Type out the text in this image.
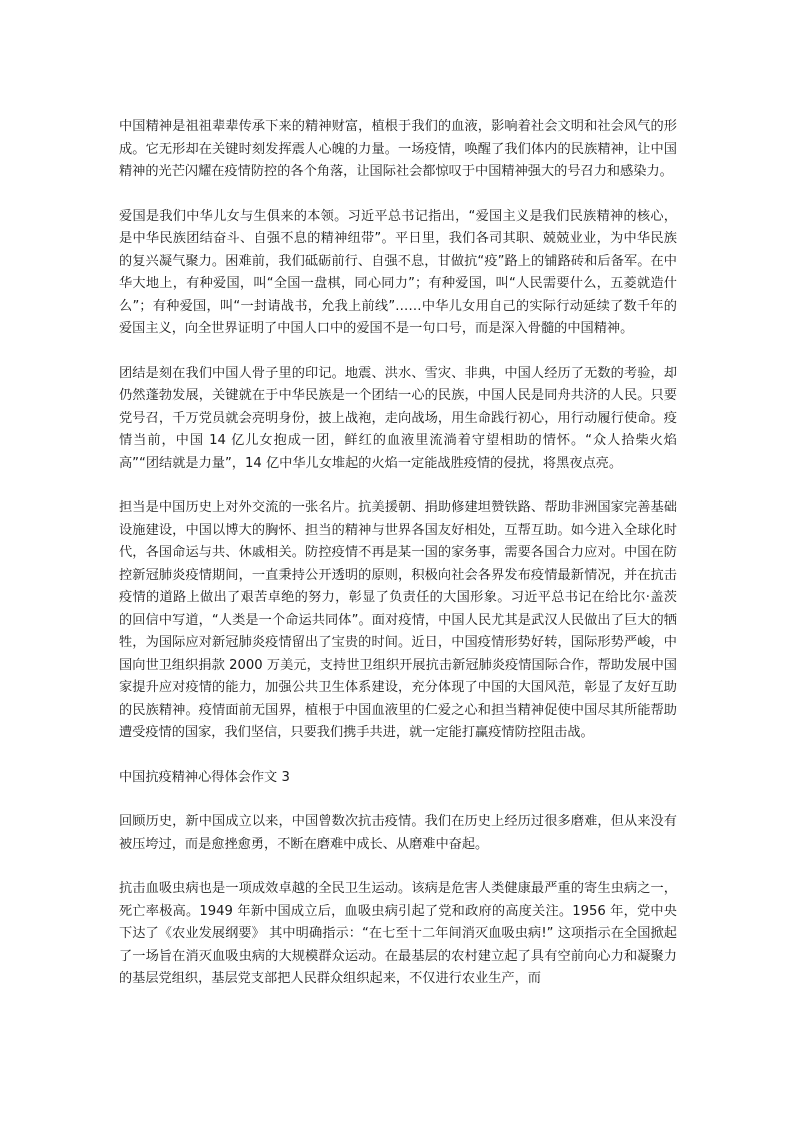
中国精神是祖祖辈辈传承下来的精神财富，植根于我们的血液，影响着社会文明和社会风气的形成。它无形却在关键时刻发挥震人心魄的力量。一场疫情，唤醒了我们体内的民族精神，让中国精神的光芒闪耀在疫情防控的各个角落，让国际社会都惊叹于中国精神强大的号召力和感染力。

爱国是我们中华儿女与生俱来的本领。习近平总书记指出，“爱国主义是我们民族精神的核心，是中华民族团结奋斗、自强不息的精神纽带”。平日里，我们各司其职、兢兢业业，为中华民族的复兴凝气聚力。困难前，我们砥砺前行、自强不息，甘做抗“疫”路上的铺路砖和后备军。在中华大地上，有种爱国，叫“全国一盘棋，同心同力”；有种爱国，叫“人民需要什么，五菱就造什么”；有种爱国，叫“一封请战书，允我上前线”……中华儿女用自己的实际行动延续了数千年的爱国主义，向全世界证明了中国人口中的爱国不是一句口号，而是深入骨髓的中国精神。

团结是刻在我们中国人骨子里的印记。地震、洪水、雪灾、非典，中国人经历了无数的考验，却仍然蓬勃发展，关键就在于中华民族是一个团结一心的民族，中国人民是同舟共济的人民。只要党号召，千万党员就会亮明身份，披上战袍，走向战场，用生命践行初心，用行动履行使命。疫情当前，中国 14 亿儿女抱成一团，鲜红的血液里流淌着守望相助的情怀。“众人拾柴火焰高”“团结就是力量”，14 亿中华儿女堆起的火焰一定能战胜疫情的侵扰，将黑夜点亮。

担当是中国历史上对外交流的一张名片。抗美援朝、捐助修建坦赞铁路、帮助非洲国家完善基础设施建设，中国以博大的胸怀、担当的精神与世界各国友好相处，互帮互助。如今进入全球化时代，各国命运与共、休戚相关。防控疫情不再是某一国的家务事，需要各国合力应对。中国在防控新冠肺炎疫情期间，一直秉持公开透明的原则，积极向社会各界发布疫情最新情况，并在抗击疫情的道路上做出了艰苦卓绝的努力，彰显了负责任的大国形象。习近平总书记在给比尔·盖茨的回信中写道，“人类是一个命运共同体”。面对疫情，中国人民尤其是武汉人民做出了巨大的牺牲，为国际应对新冠肺炎疫情留出了宝贵的时间。近日，中国疫情形势好转，国际形势严峻，中国向世卫组织捐款 2000 万美元，支持世卫组织开展抗击新冠肺炎疫情国际合作，帮助发展中国家提升应对疫情的能力，加强公共卫生体系建设，充分体现了中国的大国风范，彰显了友好互助的民族精神。疫情面前无国界，植根于中国血液里的仁爱之心和担当精神促使中国尽其所能帮助遭受疫情的国家，我们坚信，只要我们携手共进，就一定能打赢疫情防控阻击战。

中国抗疫精神心得体会作文 3

回顾历史，新中国成立以来，中国曾数次抗击疫情。我们在历史上经历过很多磨难，但从来没有被压垮过，而是愈挫愈勇，不断在磨难中成长、从磨难中奋起。

抗击血吸虫病也是一项成效卓越的全民卫生运动。该病是危害人类健康最严重的寄生虫病之一，死亡率极高。1949 年新中国成立后，血吸虫病引起了党和政府的高度关注。1956 年，党中央下达了《农业发展纲要》 其中明确指示：“在七至十二年间消灭血吸虫病!” 这项指示在全国掀起了一场旨在消灭血吸虫病的大规模群众运动。在最基层的农村建立起了具有空前向心力和凝聚力的基层党组织，基层党支部把人民群众组织起来，不仅进行农业生产，而
